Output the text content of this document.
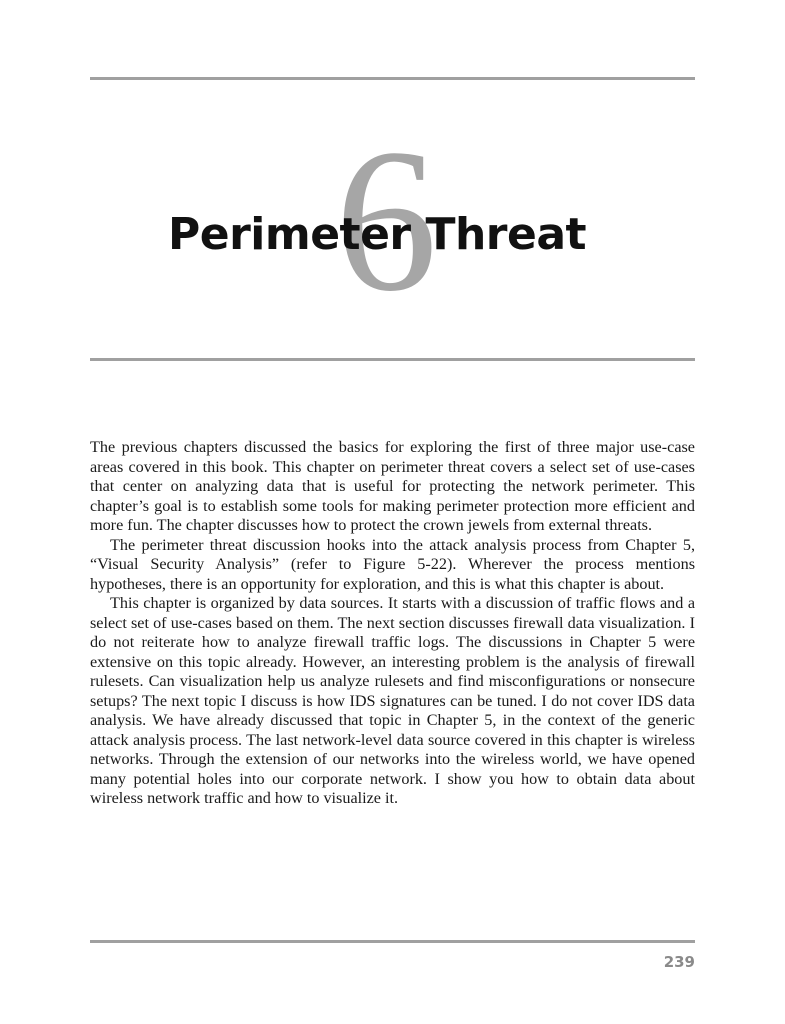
6
Perimeter Threat

The previous chapters discussed the basics for exploring the first of three major use-case areas covered in this book. This chapter on perimeter threat covers a select set of use-cases that center on analyzing data that is useful for protecting the network perimeter. This chapter’s goal is to establish some tools for making perimeter protection more efficient and more fun. The chapter discusses how to protect the crown jewels from external threats.

The perimeter threat discussion hooks into the attack analysis process from Chapter 5, “Visual Security Analysis” (refer to Figure 5-22). Wherever the process mentions hypotheses, there is an opportunity for exploration, and this is what this chapter is about.

This chapter is organized by data sources. It starts with a discussion of traffic flows and a select set of use-cases based on them. The next section discusses firewall data visualization. I do not reiterate how to analyze firewall traffic logs. The discussions in Chapter 5 were extensive on this topic already. However, an interesting problem is the analysis of firewall rulesets. Can visualization help us analyze rulesets and find misconfigurations or nonsecure setups? The next topic I discuss is how IDS signatures can be tuned. I do not cover IDS data analysis. We have already discussed that topic in Chapter 5, in the context of the generic attack analysis process. The last network-level data source covered in this chapter is wireless networks. Through the extension of our networks into the wireless world, we have opened many potential holes into our corporate network. I show you how to obtain data about wireless network traffic and how to visualize it.

239
